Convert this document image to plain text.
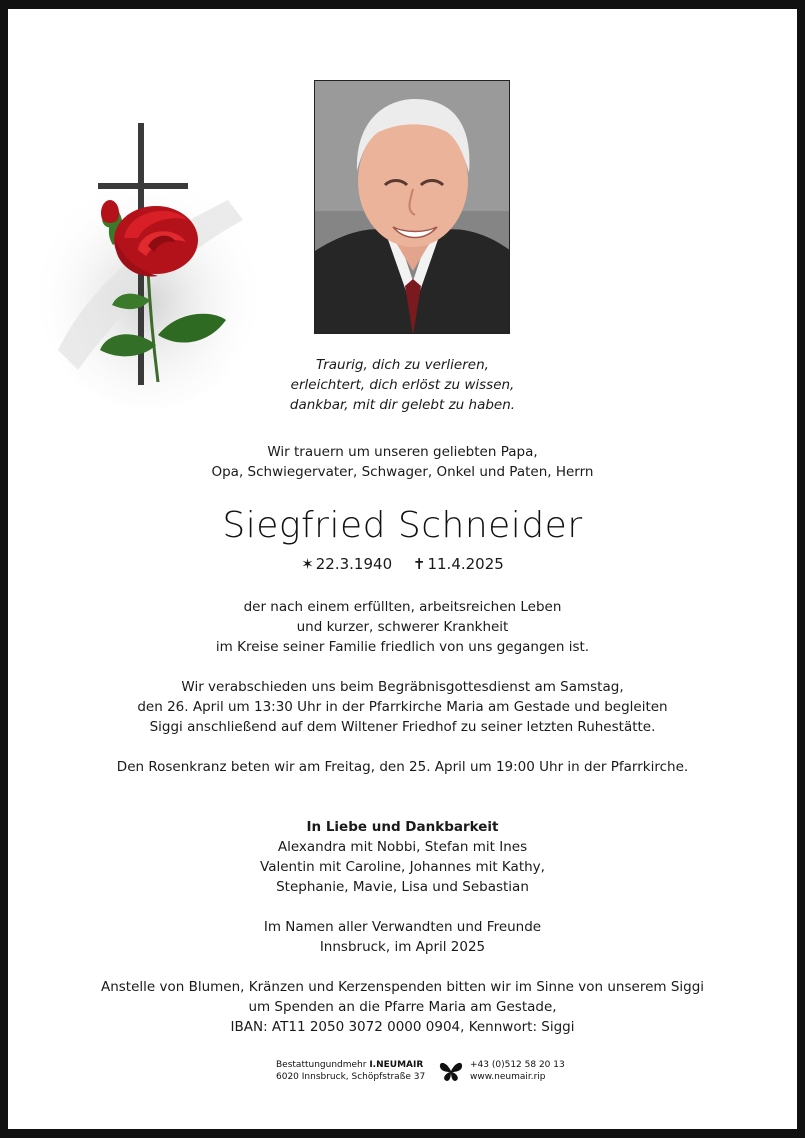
Traurig, dich zu verlieren,
erleichtert, dich erlöst zu wissen,
dankbar, mit dir gelebt zu haben.
Wir trauern um unseren geliebten Papa,
Opa, Schwiegervater, Schwager, Onkel und Paten, Herrn
Siegfried Schneider
✶ 22.3.1940 ✝ 11.4.2025
der nach einem erfüllten, arbeitsreichen Leben
und kurzer, schwerer Krankheit
im Kreise seiner Familie friedlich von uns gegangen ist.
Wir verabschieden uns beim Begräbnisgottesdienst am Samstag,
den 26. April um 13:30 Uhr in der Pfarrkirche Maria am Gestade und begleiten
Siggi anschließend auf dem Wiltener Friedhof zu seiner letzten Ruhestätte.
Den Rosenkranz beten wir am Freitag, den 25. April um 19:00 Uhr in der Pfarrkirche.
In Liebe und Dankbarkeit
Alexandra mit Nobbi, Stefan mit Ines
Valentin mit Caroline, Johannes mit Kathy,
Stephanie, Mavie, Lisa und Sebastian
Im Namen aller Verwandten und Freunde
Innsbruck, im April 2025
Anstelle von Blumen, Kränzen und Kerzenspenden bitten wir im Sinne von unserem Siggi
um Spenden an die Pfarre Maria am Gestade,
IBAN: AT11 2050 3072 0000 0904, Kennwort: Siggi
Bestattungundmehr I.NEUMAIR
6020 Innsbruck, Schöpfstraße 37
+43 (0)512 58 20 13
www.neumair.rip
